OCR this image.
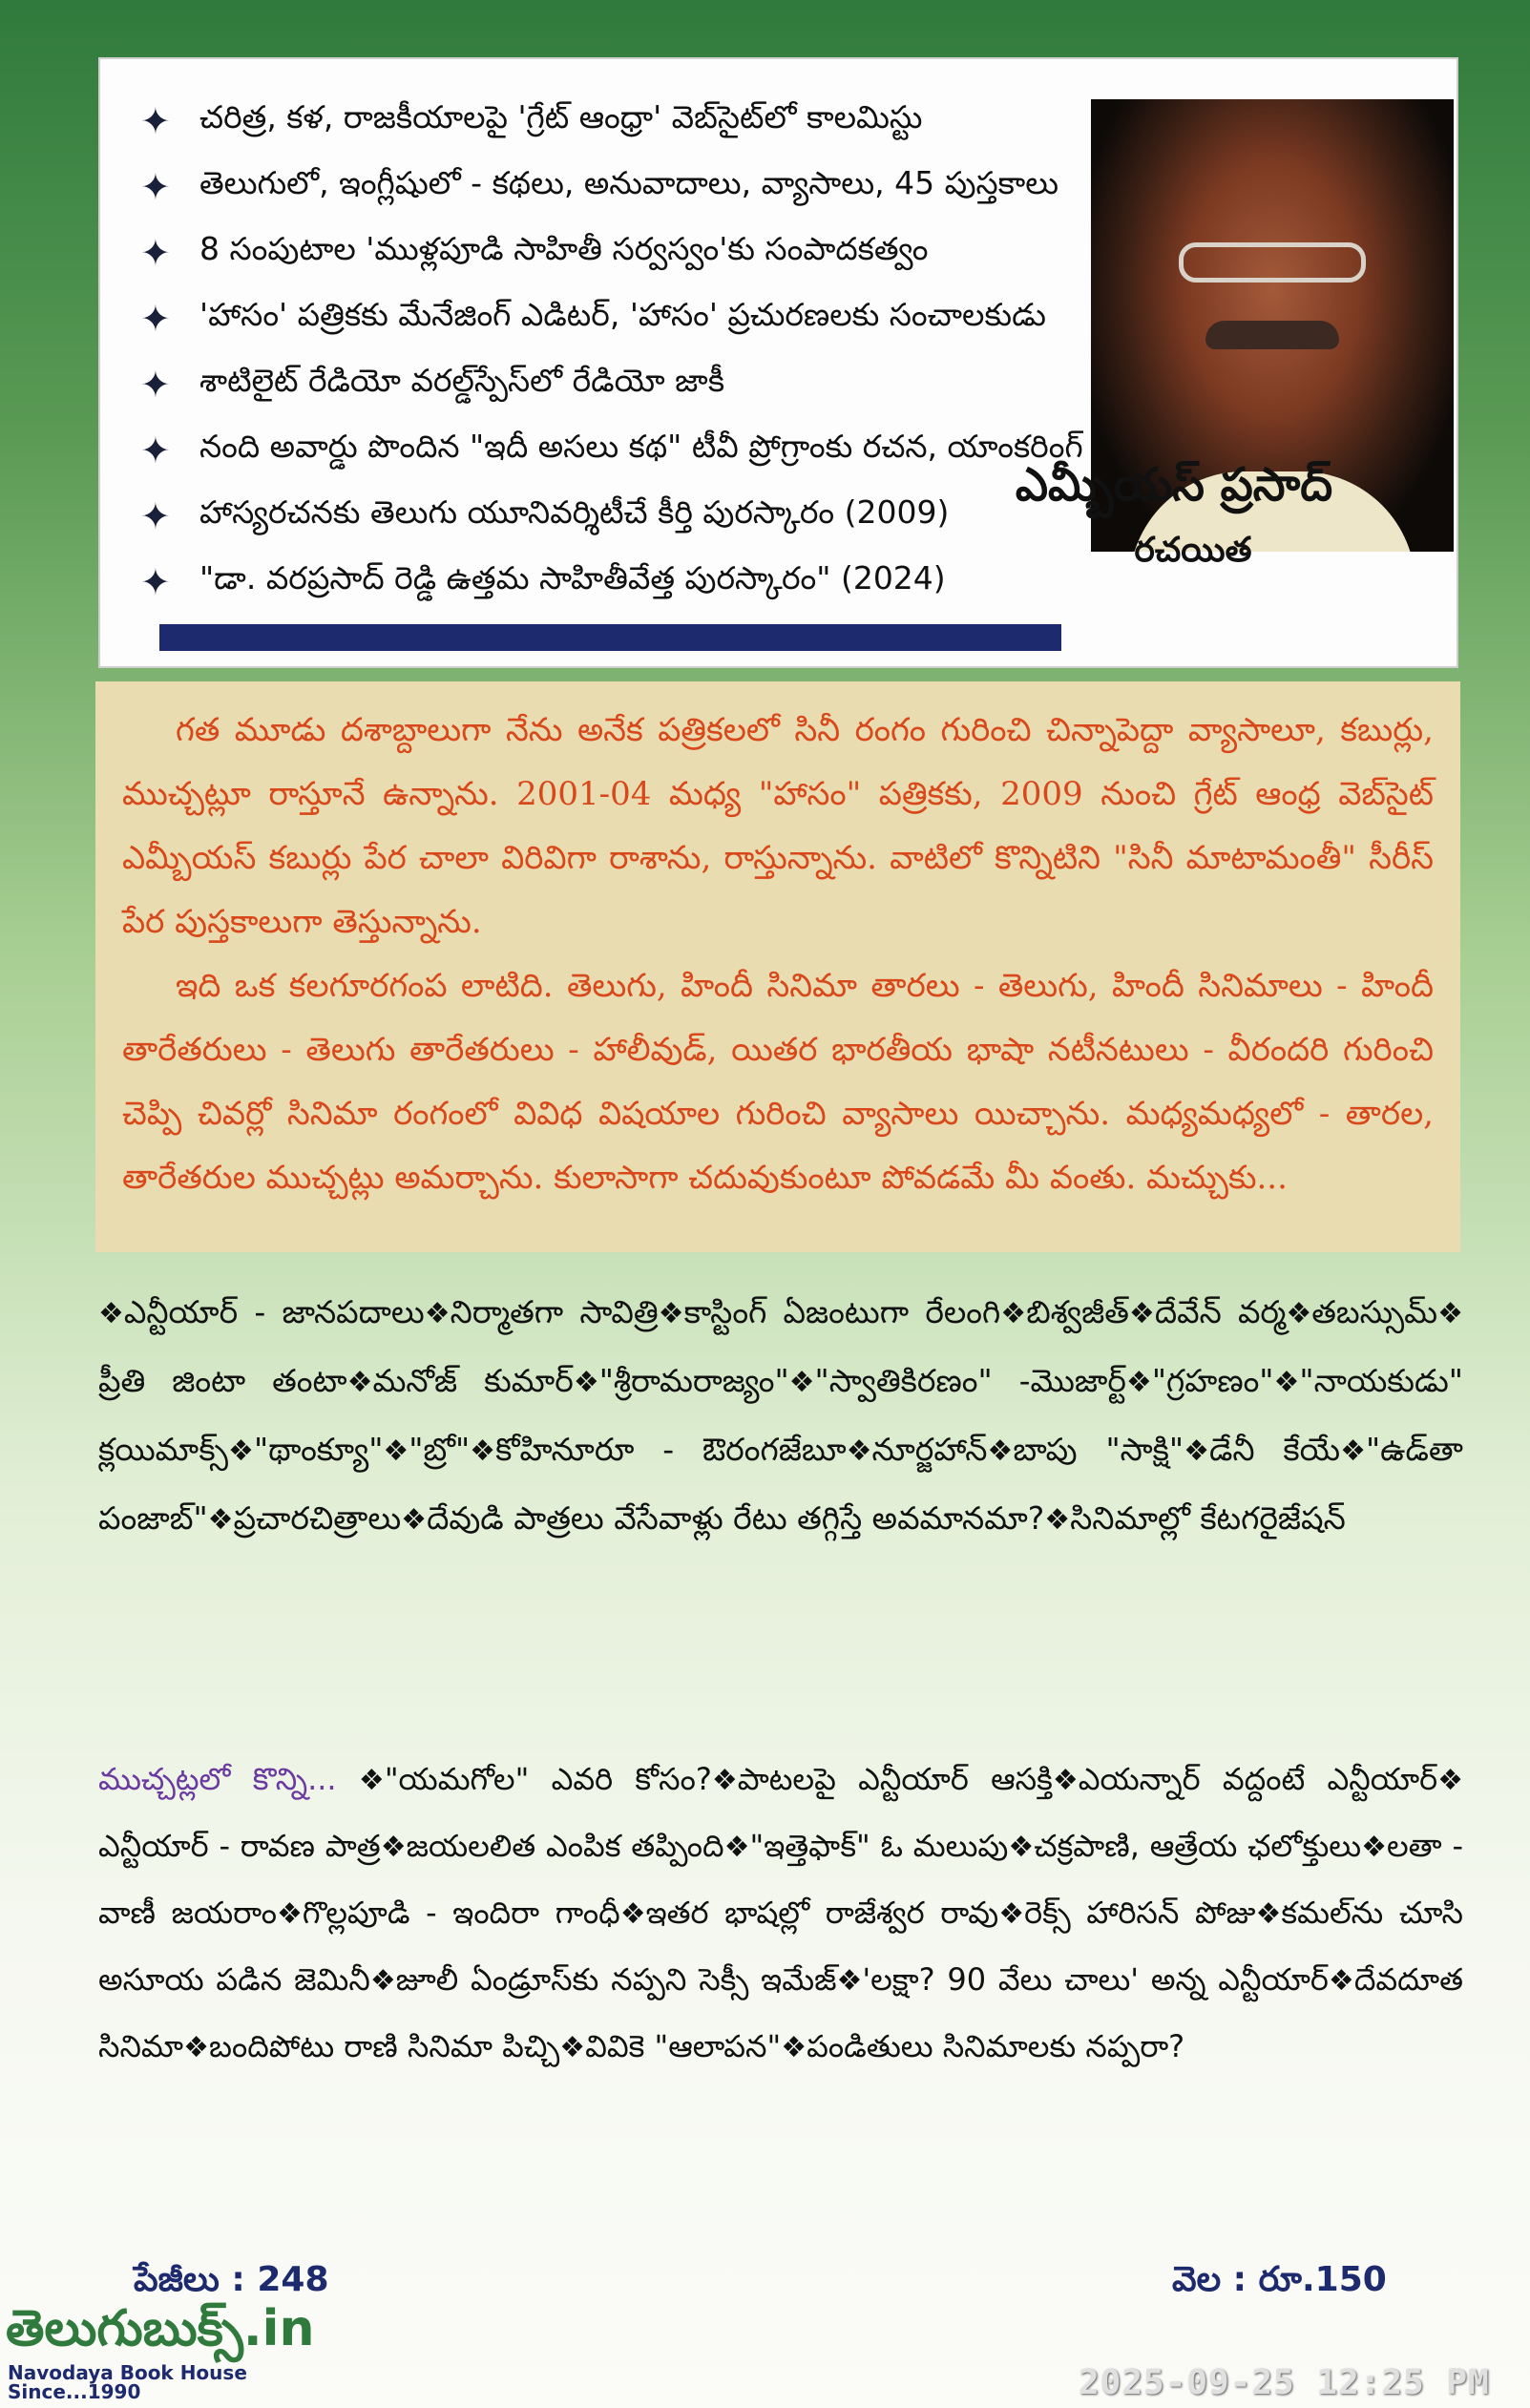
✦ చరిత్ర, కళ, రాజకీయాలపై 'గ్రేట్ ఆంధ్రా' వెబ్‌సైట్‌లో కాలమిస్టు
✦ తెలుగులో, ఇంగ్లీషులో - కథలు, అనువాదాలు, వ్యాసాలు, 45 పుస్తకాలు
✦ 8 సంపుటాల 'ముళ్లపూడి సాహితీ సర్వస్వం'కు సంపాదకత్వం
✦ 'హాసం' పత్రికకు మేనేజింగ్ ఎడిటర్, 'హాసం' ప్రచురణలకు సంచాలకుడు
✦ శాటిలైట్ రేడియో వరల్డ్‌స్పేస్‌లో రేడియో జాకీ
✦ నంది అవార్డు పొందిన "ఇదీ అసలు కథ" టీవీ ప్రోగ్రాంకు రచన, యాంకరింగ్
✦ హాస్యరచనకు తెలుగు యూనివర్శిటీచే కీర్తి పురస్కారం (2009)
✦ "డా. వరప్రసాద్ రెడ్డి ఉత్తమ సాహితీవేత్త పురస్కారం" (2024)
ఎమ్బీయస్ ప్రసాద్
రచయిత

గత మూడు దశాబ్దాలుగా నేను అనేక పత్రికలలో సినీ రంగం గురించి చిన్నాపెద్దా వ్యాసాలూ, కబుర్లు, ముచ్చట్లూ రాస్తూనే ఉన్నాను. 2001-04 మధ్య "హాసం" పత్రికకు, 2009 నుంచి గ్రేట్ ఆంధ్ర వెబ్‌సైట్ ఎమ్బీయస్ కబుర్లు పేర చాలా విరివిగా రాశాను, రాస్తున్నాను. వాటిలో కొన్నిటిని "సినీ మాటామంతీ" సీరీస్ పేర పుస్తకాలుగా తెస్తున్నాను.

ఇది ఒక కలగూరగంప లాటిది. తెలుగు, హిందీ సినిమా తారలు - తెలుగు, హిందీ సినిమాలు - హిందీ తారేతరులు - తెలుగు తారేతరులు - హాలీవుడ్, యితర భారతీయ భాషా నటీనటులు - వీరందరి గురించి చెప్పి చివర్లో సినిమా రంగంలో వివిధ విషయాల గురించి వ్యాసాలు యిచ్చాను. మధ్యమధ్యలో - తారల, తారేతరుల ముచ్చట్లు అమర్చాను. కులాసాగా చదువుకుంటూ పోవడమే మీ వంతు. మచ్చుకు...

❖ఎన్టీయార్ - జానపదాలు❖నిర్మాతగా సావిత్రి❖కాస్టింగ్ ఏజంటుగా రేలంగి❖బిశ్వజీత్❖దేవేన్ వర్మ❖తబస్సుమ్❖ప్రీతి జింటా తంటా❖మనోజ్ కుమార్❖"శ్రీరామరాజ్యం"❖"స్వాతికిరణం" -మొజార్ట్❖"గ్రహణం"❖"నాయకుడు" క్లయిమాక్స్❖"థాంక్యూ"❖"బ్రో"❖కోహినూరూ - ఔరంగజేబూ❖నూర్జహాన్❖బాపు "సాక్షి"❖డేనీ కేయే❖"ఉడ్‌తా పంజాబ్"❖ప్రచారచిత్రాలు❖దేవుడి పాత్రలు వేసేవాళ్లు రేటు తగ్గిస్తే అవమానమా?❖సినిమాల్లో కేటగరైజేషన్
ముచ్చట్లలో కొన్ని... ❖"యమగోల" ఎవరి కోసం?❖పాటలపై ఎన్టీయార్ ఆసక్తి❖ఎయన్నార్ వద్దంటే ఎన్టీయార్❖ఎన్టీయార్ - రావణ పాత్ర❖జయలలిత ఎంపిక తప్పింది❖"ఇత్తెఫాక్" ఓ మలుపు❖చక్రపాణి, ఆత్రేయ ఛలోక్తులు❖లతా - వాణీ జయరాం❖గొల్లపూడి - ఇందిరా గాంధీ❖ఇతర భాషల్లో రాజేశ్వర రావు❖రెక్స్ హారిసన్ పోజు❖కమల్‌ను చూసి అసూయ పడిన జెమినీ❖జూలీ ఏండ్రూస్‌కు నప్పని సెక్సీ ఇమేజ్❖'లక్షా? 90 వేలు చాలు' అన్న ఎన్టీయార్❖దేవదూత సినిమా❖బందిపోటు రాణి సినిమా పిచ్చి❖వివికె "ఆలాపన"❖పండితులు సినిమాలకు నప్పరా?
పేజీలు : 248	వెల : రూ.150
తెలుగుబుక్స్.in
Navodaya Book House
Since...1990	2025-09-25 12:25 PM
